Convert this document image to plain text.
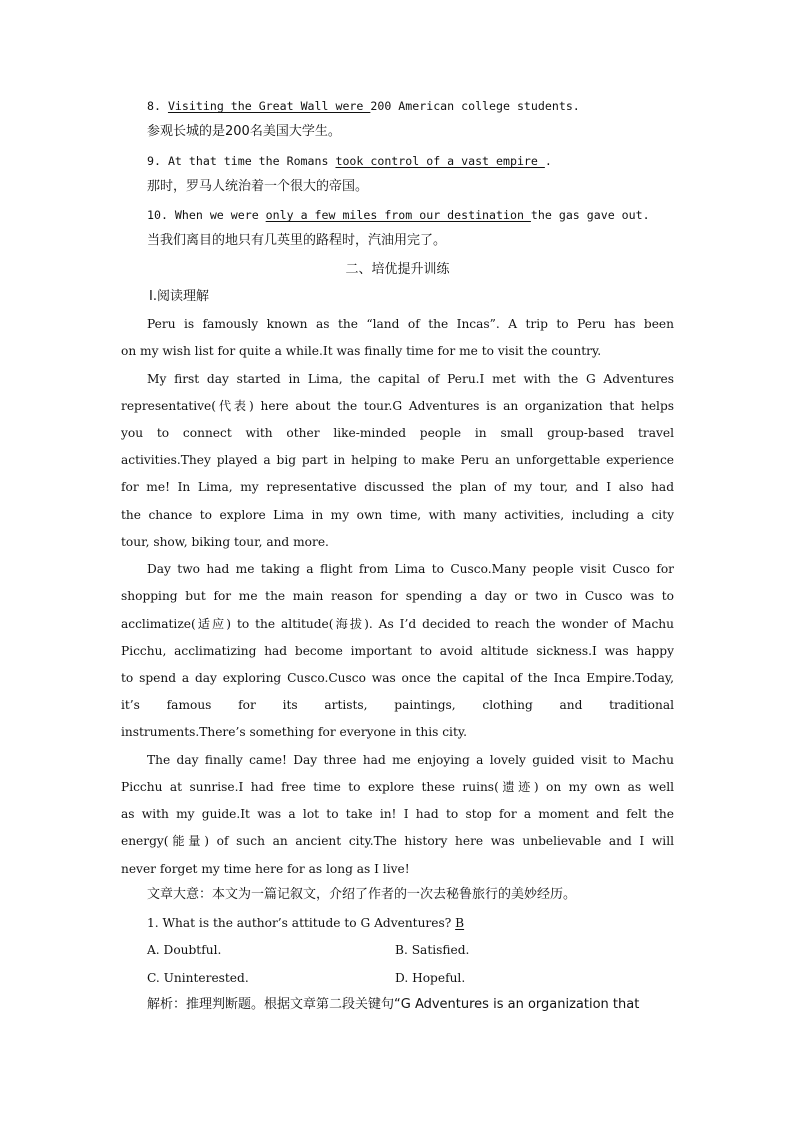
8. Visiting the Great Wall were 200 American college students.
参观长城的是200名美国大学生。
9. At that time the Romans took control of a vast empire .
那时，罗马人统治着一个很大的帝国。
10. When we were only a few miles from our destination the gas gave out.
当我们离目的地只有几英里的路程时，汽油用完了。
二、培优提升训练
Ⅰ.阅读理解
Peru is famously known as the “land of the Incas”. A trip to Peru has been
on my wish list for quite a while.It was finally time for me to visit the country.
My first day started in Lima, the capital of Peru.I met with the G Adventures
representative(代表) here about the tour.G Adventures is an organization that helps
you to connect with other like-minded people in small group-based travel
activities.They played a big part in helping to make Peru an unforgettable experience
for me! In Lima, my representative discussed the plan of my tour, and I also had
the chance to explore Lima in my own time, with many activities, including a city
tour, show, biking tour, and more.
Day two had me taking a flight from Lima to Cusco.Many people visit Cusco for
shopping but for me the main reason for spending a day or two in Cusco was to
acclimatize(适应) to the altitude(海拔). As I’d decided to reach the wonder of Machu
Picchu, acclimatizing had become important to avoid altitude sickness.I was happy
to spend a day exploring Cusco.Cusco was once the capital of the Inca Empire.Today,
it’s famous for its artists, paintings, clothing and traditional
instruments.There’s something for everyone in this city.
The day finally came! Day three had me enjoying a lovely guided visit to Machu
Picchu at sunrise.I had free time to explore these ruins(遗迹) on my own as well
as with my guide.It was a lot to take in! I had to stop for a moment and felt the
energy(能量) of such an ancient city.The history here was unbelievable and I will
never forget my time here for as long as I live!
文章大意：本文为一篇记叙文，介绍了作者的一次去秘鲁旅行的美妙经历。
1. What is the author’s attitude to G Adventures? B
A. Doubtful.	B. Satisfied.
C. Uninterested.	D. Hopeful.
解析：推理判断题。根据文章第二段关键句“G Adventures is an organization that
